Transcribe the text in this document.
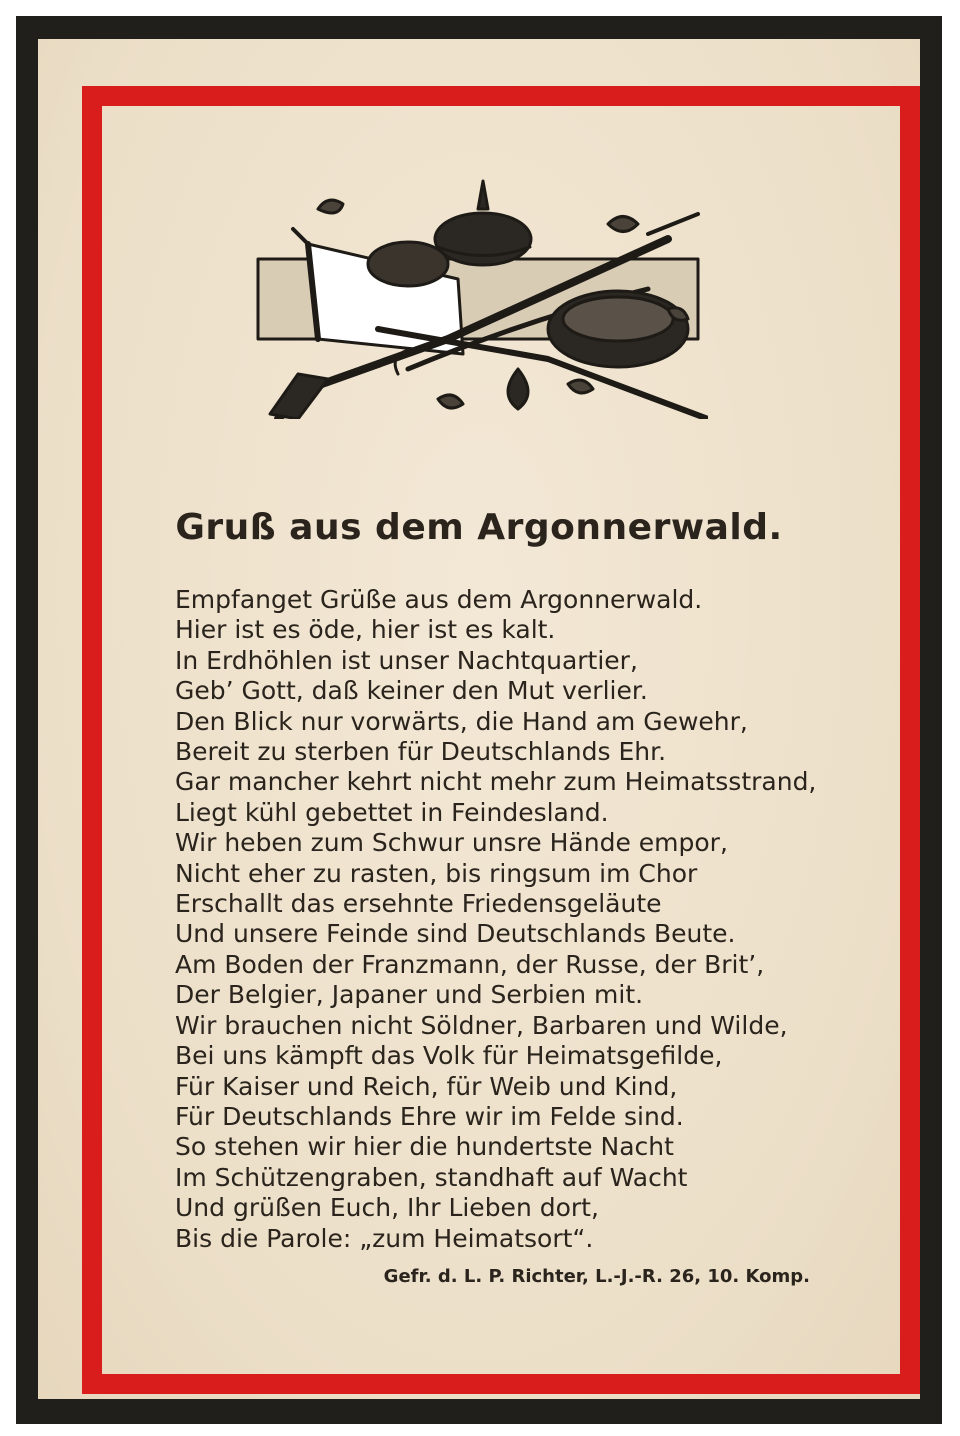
Gruß aus dem Argonnerwald.
Empfanget Grüße aus dem Argonnerwald.
Hier ist es öde, hier ist es kalt.
In Erdhöhlen ist unser Nachtquartier,
Geb’ Gott, daß keiner den Mut verlier.
Den Blick nur vorwärts, die Hand am Gewehr,
Bereit zu sterben für Deutschlands Ehr.
Gar mancher kehrt nicht mehr zum Heimatsstrand,
Liegt kühl gebettet in Feindesland.
Wir heben zum Schwur unsre Hände empor,
Nicht eher zu rasten, bis ringsum im Chor
Erschallt das ersehnte Friedensgeläute
Und unsere Feinde sind Deutschlands Beute.
Am Boden der Franzmann, der Russe, der Brit’,
Der Belgier, Japaner und Serbien mit.
Wir brauchen nicht Söldner, Barbaren und Wilde,
Bei uns kämpft das Volk für Heimatsgefilde,
Für Kaiser und Reich, für Weib und Kind,
Für Deutschlands Ehre wir im Felde sind.
So stehen wir hier die hundertste Nacht
Im Schützengraben, standhaft auf Wacht
Und grüßen Euch, Ihr Lieben dort,
Bis die Parole: „zum Heimatsort“.
Gefr. d. L. P. Richter, L.-J.-R. 26, 10. Komp.
